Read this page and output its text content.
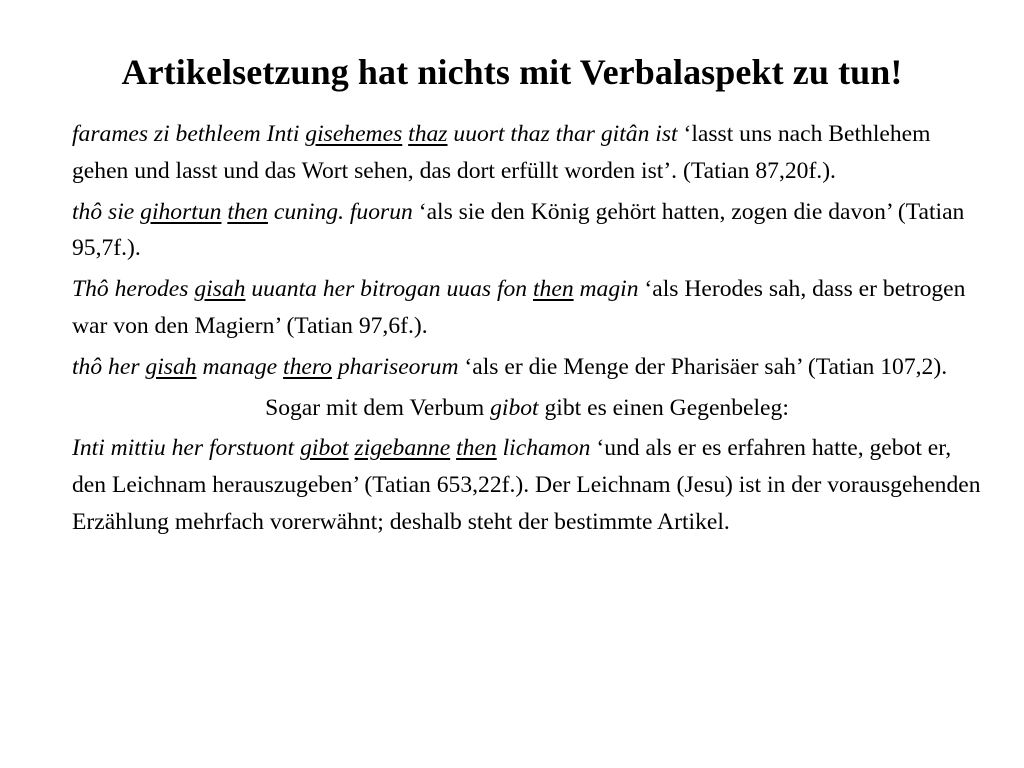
Artikelsetzung hat nichts mit Verbalaspekt zu tun!

farames zi bethleem Inti gisehemes thaz uuort thaz thar gitân ist ‘lasst uns nach Bethlehem gehen und lasst und das Wort sehen, das dort erfüllt worden ist’. (Tatian 87,20f.).

thô sie gihortun then cuning. fuorun ‘als sie den König gehört hatten, zogen die davon’ (Tatian 95,7f.).

Thô herodes gisah uuanta her bitrogan uuas fon then magin ‘als Herodes sah, dass er betrogen war von den Magiern’ (Tatian 97,6f.).

thô her gisah manage thero phariseorum ‘als er die Menge der Pharisäer sah’ (Tatian 107,2).

Sogar mit dem Verbum gibot gibt es einen Gegenbeleg:

Inti mittiu her forstuont gibot zigebanne then lichamon ‘und als er es erfahren hatte, gebot er, den Leichnam herauszugeben’ (Tatian 653,22f.). Der Leichnam (Jesu) ist in der vorausgehenden Erzählung mehrfach vorerwähnt; deshalb steht der bestimmte Artikel.
